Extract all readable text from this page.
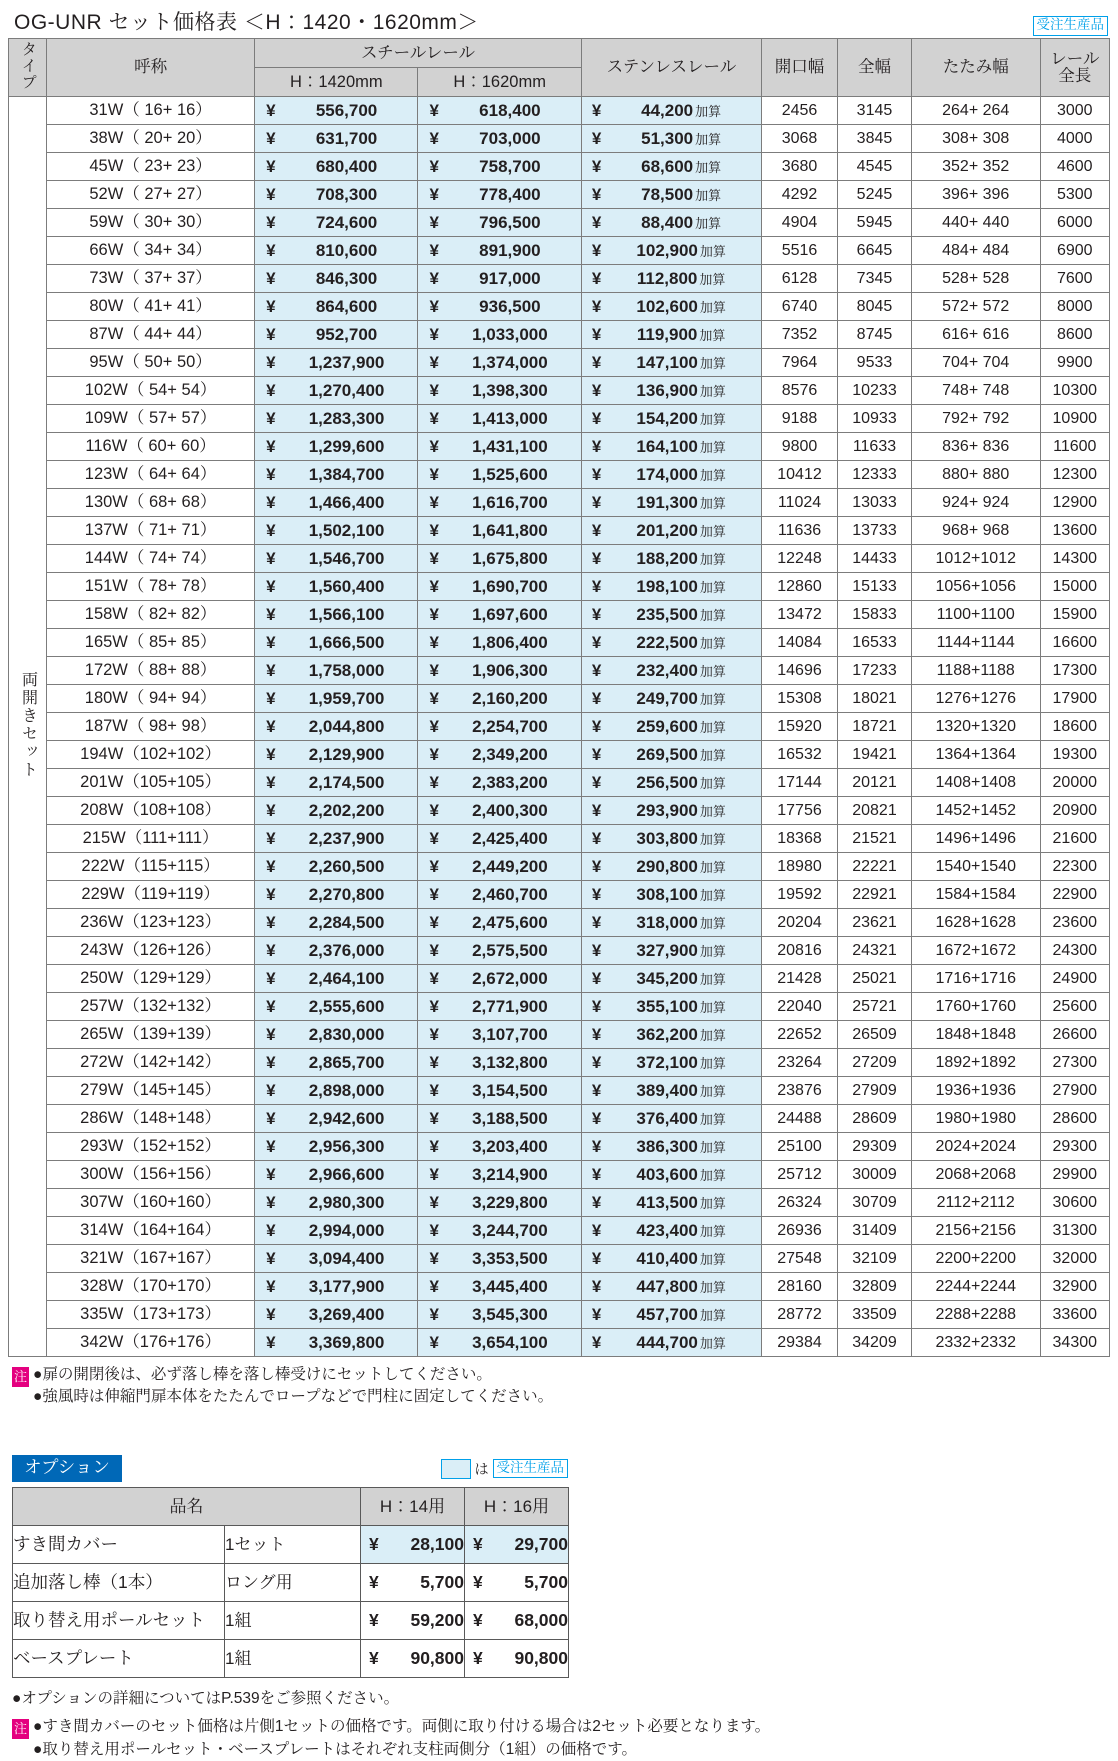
OG-UNR セット価格表 ＜H：1420・1620mm＞	受注生産品
タイプ	呼称	スチールレール		ステンレスレール	開口幅	全幅	たたみ幅	レール
全長

		H：1420mm	H：1620mm					
両開きセット	31W（ 16+ 16）	¥ 556,700	¥ 618,400	¥ 44,200 加算	2456	3145	264+ 264	3000
	38W（ 20+ 20）	¥ 631,700	¥ 703,000	¥ 51,300 加算	3068	3845	308+ 308	4000
	45W（ 23+ 23）	¥ 680,400	¥ 758,700	¥ 68,600 加算	3680	4545	352+ 352	4600
	52W（ 27+ 27）	¥ 708,300	¥ 778,400	¥ 78,500 加算	4292	5245	396+ 396	5300
	59W（ 30+ 30）	¥ 724,600	¥ 796,500	¥ 88,400 加算	4904	5945	440+ 440	6000
	66W（ 34+ 34）	¥ 810,600	¥ 891,900	¥ 102,900 加算	5516	6645	484+ 484	6900
	73W（ 37+ 37）	¥ 846,300	¥ 917,000	¥ 112,800 加算	6128	7345	528+ 528	7600
	80W（ 41+ 41）	¥ 864,600	¥ 936,500	¥ 102,600 加算	6740	8045	572+ 572	8000
	87W（ 44+ 44）	¥ 952,700	¥ 1,033,000	¥ 119,900 加算	7352	8745	616+ 616	8600
	95W（ 50+ 50）	¥ 1,237,900	¥ 1,374,000	¥ 147,100 加算	7964	9533	704+ 704	9900
	102W（ 54+ 54）	¥ 1,270,400	¥ 1,398,300	¥ 136,900 加算	8576	10233	748+ 748	10300
	109W（ 57+ 57）	¥ 1,283,300	¥ 1,413,000	¥ 154,200 加算	9188	10933	792+ 792	10900
	116W（ 60+ 60）	¥ 1,299,600	¥ 1,431,100	¥ 164,100 加算	9800	11633	836+ 836	11600
	123W（ 64+ 64）	¥ 1,384,700	¥ 1,525,600	¥ 174,000 加算	10412	12333	880+ 880	12300
	130W（ 68+ 68）	¥ 1,466,400	¥ 1,616,700	¥ 191,300 加算	11024	13033	924+ 924	12900
	137W（ 71+ 71）	¥ 1,502,100	¥ 1,641,800	¥ 201,200 加算	11636	13733	968+ 968	13600
	144W（ 74+ 74）	¥ 1,546,700	¥ 1,675,800	¥ 188,200 加算	12248	14433	1012+1012	14300
	151W（ 78+ 78）	¥ 1,560,400	¥ 1,690,700	¥ 198,100 加算	12860	15133	1056+1056	15000
	158W（ 82+ 82）	¥ 1,566,100	¥ 1,697,600	¥ 235,500 加算	13472	15833	1100+1100	15900
	165W（ 85+ 85）	¥ 1,666,500	¥ 1,806,400	¥ 222,500 加算	14084	16533	1144+1144	16600
	172W（ 88+ 88）	¥ 1,758,000	¥ 1,906,300	¥ 232,400 加算	14696	17233	1188+1188	17300
	180W（ 94+ 94）	¥ 1,959,700	¥ 2,160,200	¥ 249,700 加算	15308	18021	1276+1276	17900
	187W（ 98+ 98）	¥ 2,044,800	¥ 2,254,700	¥ 259,600 加算	15920	18721	1320+1320	18600
	194W（102+102）	¥ 2,129,900	¥ 2,349,200	¥ 269,500 加算	16532	19421	1364+1364	19300
	201W（105+105）	¥ 2,174,500	¥ 2,383,200	¥ 256,500 加算	17144	20121	1408+1408	20000
	208W（108+108）	¥ 2,202,200	¥ 2,400,300	¥ 293,900 加算	17756	20821	1452+1452	20900
	215W（111+111）	¥ 2,237,900	¥ 2,425,400	¥ 303,800 加算	18368	21521	1496+1496	21600
	222W（115+115）	¥ 2,260,500	¥ 2,449,200	¥ 290,800 加算	18980	22221	1540+1540	22300
	229W（119+119）	¥ 2,270,800	¥ 2,460,700	¥ 308,100 加算	19592	22921	1584+1584	22900
	236W（123+123）	¥ 2,284,500	¥ 2,475,600	¥ 318,000 加算	20204	23621	1628+1628	23600
	243W（126+126）	¥ 2,376,000	¥ 2,575,500	¥ 327,900 加算	20816	24321	1672+1672	24300
	250W（129+129）	¥ 2,464,100	¥ 2,672,000	¥ 345,200 加算	21428	25021	1716+1716	24900
	257W（132+132）	¥ 2,555,600	¥ 2,771,900	¥ 355,100 加算	22040	25721	1760+1760	25600
	265W（139+139）	¥ 2,830,000	¥ 3,107,700	¥ 362,200 加算	22652	26509	1848+1848	26600
	272W（142+142）	¥ 2,865,700	¥ 3,132,800	¥ 372,100 加算	23264	27209	1892+1892	27300
	279W（145+145）	¥ 2,898,000	¥ 3,154,500	¥ 389,400 加算	23876	27909	1936+1936	27900
	286W（148+148）	¥ 2,942,600	¥ 3,188,500	¥ 376,400 加算	24488	28609	1980+1980	28600
	293W（152+152）	¥ 2,956,300	¥ 3,203,400	¥ 386,300 加算	25100	29309	2024+2024	29300
	300W（156+156）	¥ 2,966,600	¥ 3,214,900	¥ 403,600 加算	25712	30009	2068+2068	29900
	307W（160+160）	¥ 2,980,300	¥ 3,229,800	¥ 413,500 加算	26324	30709	2112+2112	30600
	314W（164+164）	¥ 2,994,000	¥ 3,244,700	¥ 423,400 加算	26936	31409	2156+2156	31300
	321W（167+167）	¥ 3,094,400	¥ 3,353,500	¥ 410,400 加算	27548	32109	2200+2200	32000
	328W（170+170）	¥ 3,177,900	¥ 3,445,400	¥ 447,800 加算	28160	32809	2244+2244	32900
	335W（173+173）	¥ 3,269,400	¥ 3,545,300	¥ 457,700 加算	28772	33509	2288+2288	33600
	342W（176+176）	¥ 3,369,800	¥ 3,654,100	¥ 444,700 加算	29384	34209	2332+2332	34300
注 ●扉の開閉後は、必ず落し棒を落し棒受けにセットしてください。
●強風時は伸縮門扉本体をたたんでロープなどで門柱に固定してください。
オプション	は 受注生産品
品名		H：14用	H：16用
すき間カバー	1セット	¥ 28,100	¥ 29,700
追加落し棒（1本）	ロング用	¥ 5,700	¥ 5,700
取り替え用ポールセット	1組	¥ 59,200	¥ 68,000
ベースプレート	1組	¥ 90,800	¥ 90,800
●オプションの詳細についてはP.539をご参照ください。
注 ●すき間カバーのセット価格は片側1セットの価格です。両側に取り付ける場合は2セット必要となります。
●取り替え用ポールセット・ベースプレートはそれぞれ支柱両側分（1組）の価格です。
